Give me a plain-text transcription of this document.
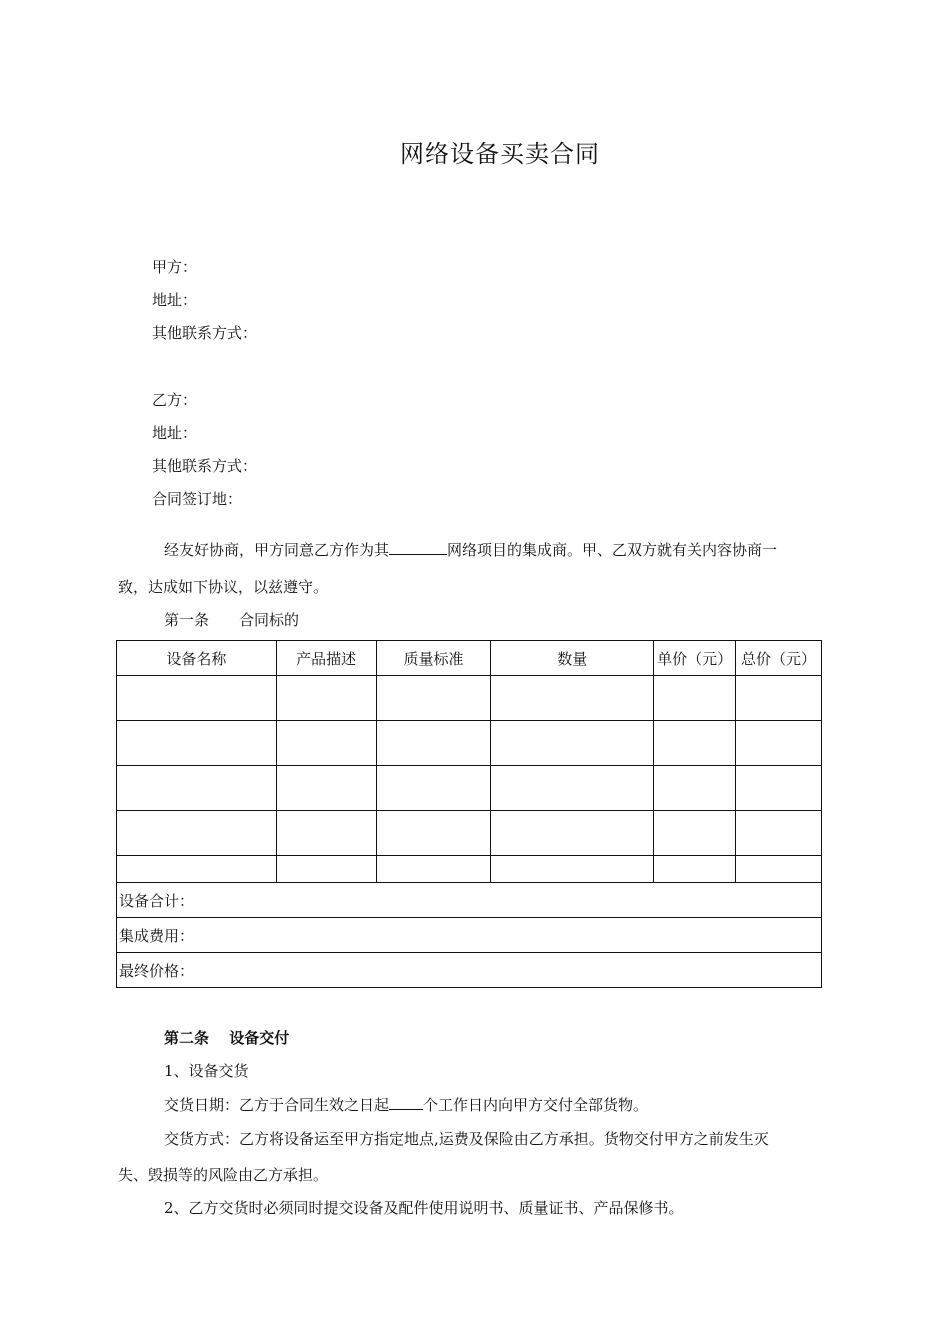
网络设备买卖合同
甲方：
地址：
其他联系方式：
乙方：
地址：
其他联系方式：
合同签订地：
经友好协商，甲方同意乙方作为其	网络项目的集成商。甲、乙双方就有关内容协商一
致，达成如下协议，以兹遵守。
第一条　　合同标的
设备名称	产品描述	质量标准	数量	单价（元）	总价（元）

设备合计：					
集成费用：					
最终价格：					
第二条　 设备交付
1、设备交货
交货日期：乙方于合同生效之日起 个工作日内向甲方交付全部货物。
交货方式：乙方将设备运至甲方指定地点,运费及保险由乙方承担。货物交付甲方之前发生灭
失、毁损等的风险由乙方承担。
2、乙方交货时必须同时提交设备及配件使用说明书、质量证书、产品保修书。
